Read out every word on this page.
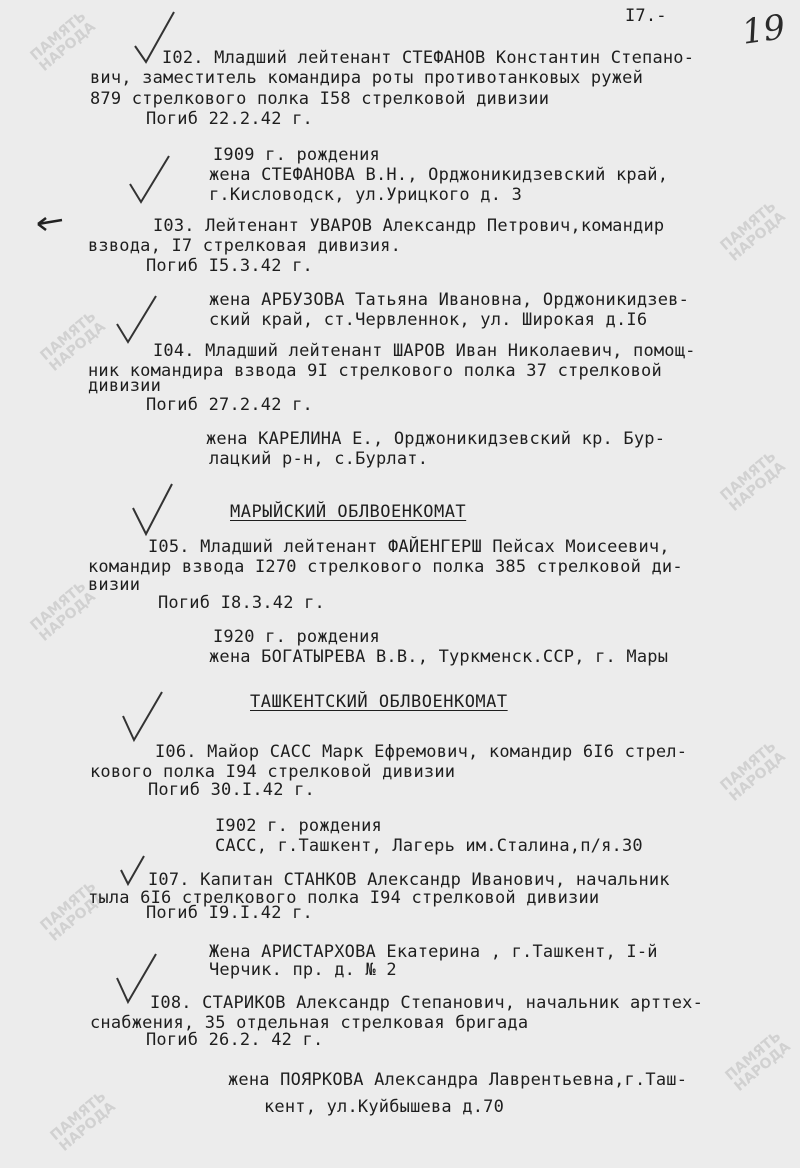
ПАМЯТЬ НАРОДА
ПАМЯТЬ НАРОДА
ПАМЯТЬ НАРОДА
ПАМЯТЬ НАРОДА
ПАМЯТЬ НАРОДА
ПАМЯТЬ НАРОДА
ПАМЯТЬ НАРОДА
ПАМЯТЬ НАРОДА
ПАМЯТЬ НАРОДА
I7.- 19
I02. Младший лейтенант СТЕФАНОВ Константин Степано-
вич, заместитель командира роты противотанковых ружей
879 стрелкового полка I58 стрелковой дивизии
Погиб 22.2.42 г.
I909 г. рождения
жена СТЕФАНОВА В.Н., Орджоникидзевский край,
г.Кисловодск, ул.Урицкого д. 3
I03. Лейтенант УВАРОВ Александр Петрович,командир
взвода, I7 стрелковая дивизия.
Погиб I5.3.42 г.
жена АРБУЗОВА Татьяна Ивановна, Орджоникидзев-
ский край, ст.Червленнок, ул. Широкая д.I6
I04. Младший лейтенант ШАРОВ Иван Николаевич, помощ-
ник командира взвода 9I стрелкового полка 37 стрелковой
дивизии
Погиб 27.2.42 г.
жена КАРЕЛИНА Е., Орджоникидзевский кр. Бур-
лацкий р-н, с.Бурлат.
МАРЫЙСКИЙ ОБЛВОЕНКОМАТ
I05. Младший лейтенант ФАЙЕНГЕРШ Пейсах Моисеевич,
командир взвода I270 стрелкового полка 385 стрелковой ди-
визии
Погиб I8.3.42 г.
I920 г. рождения
жена БОГАТЫРЕВА В.В., Туркменск.ССР, г. Мары
ТАШКЕНТСКИЙ ОБЛВОЕНКОМАТ
I06. Майор САСС Марк Ефремович, командир 6I6 стрел-
кового полка I94 стрелковой дивизии
Погиб 30.I.42 г.
I902 г. рождения
САСС, г.Ташкент, Лагерь им.Сталина,п/я.30
I07. Капитан СТАНКОВ Александр Иванович, начальник
тыла 6I6 стрелкового полка I94 стрелковой дивизии
Погиб I9.I.42 г.
Жена АРИСТАРХОВА Екатерина , г.Ташкент, I-й
Черчик. пр. д. № 2
I08. СТАРИКОВ Александр Степанович, начальник арттех-
снабжения, 35 отдельная стрелковая бригада
Погиб 26.2. 42 г.
жена ПОЯРКОВА Александра Лаврентьевна,г.Таш-
кент, ул.Куйбышева д.70
